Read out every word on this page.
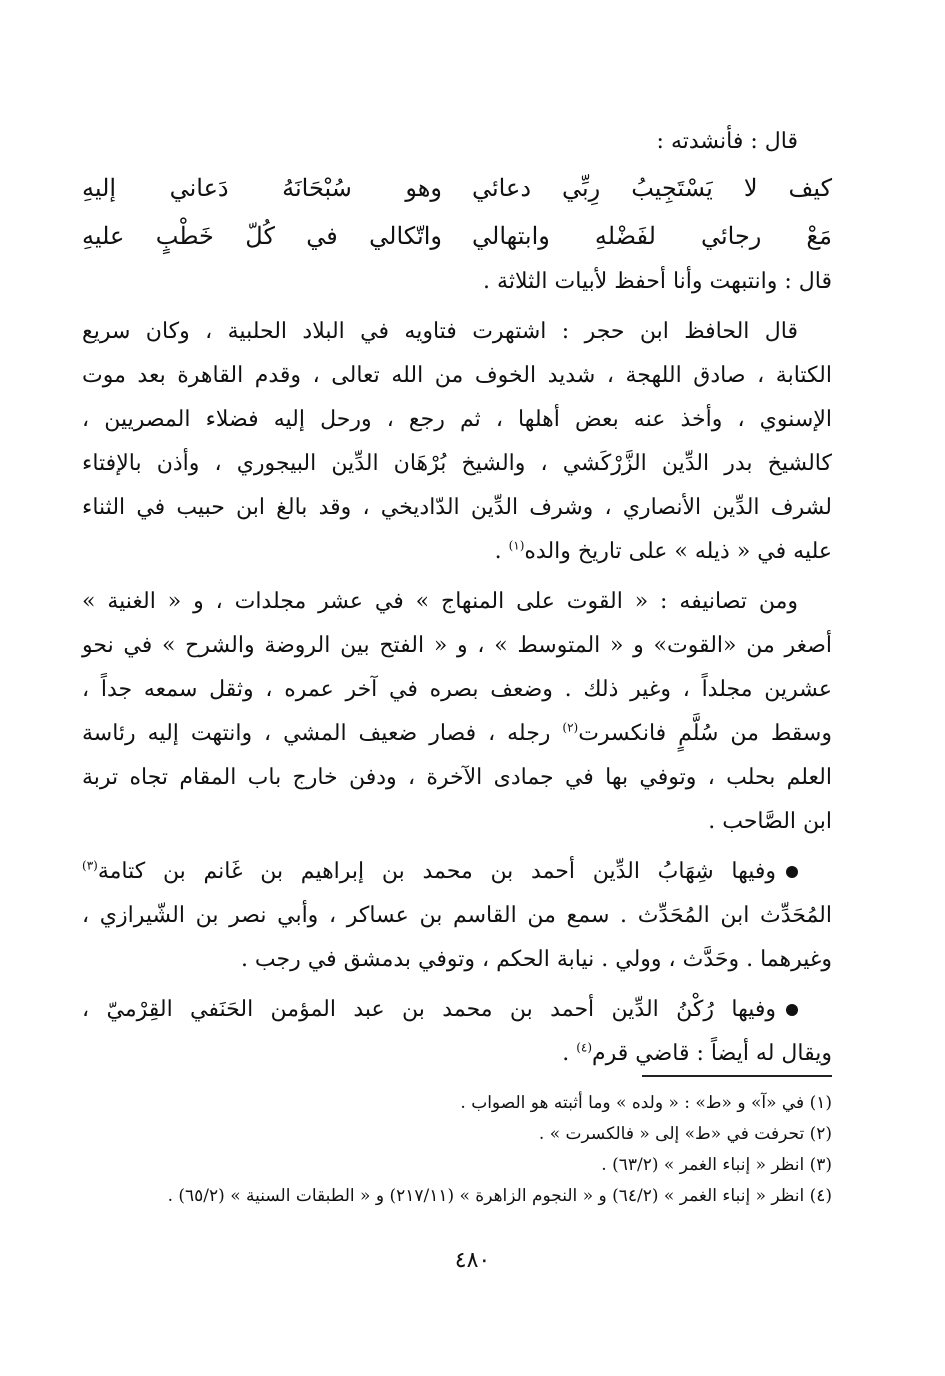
قال : فأنشدته :
كيف لا يَسْتَجِيبُ رِبِّي دعائي
وهو سُبْحَانَهُ دَعاني إليهِ
مَعْ رجائي لفَضْلهِ وابتهالي
واتّكالي في كُلّ خَطْبٍ عليهِ
قال : وانتبهت وأنا أحفظ لأبيات الثلاثة .
قال الحافظ ابن حجر : اشتهرت فتاويه في البلاد الحلبية ، وكان سريع
الكتابة ، صادق اللهجة ، شديد الخوف من الله تعالى ، وقدم القاهرة بعد موت
الإسنوي ، وأخذ عنه بعض أهلها ، ثم رجع ، ورحل إليه فضلاء المصريين ،
كالشيخ بدر الدِّين الزَّرْكَشي ، والشيخ بُرْهَان الدِّين البيجوري ، وأذن بالإفتاء
لشرف الدِّين الأنصاري ، وشرف الدِّين الدّاديخي ، وقد بالغ ابن حبيب في الثناء
عليه في « ذيله » على تاريخ والده$^{(١)}$ .
ومن تصانيفه : « القوت على المنهاج » في عشر مجلدات ، و « الغنية »
أصغر من «القوت» و « المتوسط » ، و « الفتح بين الروضة والشرح » في نحو
عشرين مجلداً ، وغير ذلك . وضعف بصره في آخر عمره ، وثقل سمعه جداً ،
وسقط من سُلَّمٍ فانكسرت$^{(٢)}$ رجله ، فصار ضعيف المشي ، وانتهت إليه رئاسة
العلم بحلب ، وتوفي بها في جمادى الآخرة ، ودفن خارج باب المقام تجاه تربة
ابن الصَّاحب .
وفيها شِهَابُ الدِّين أحمد بن محمد بن إبراهيم بن غَانم بن كتامة$^{(٣)}$
المُحَدِّث ابن المُحَدِّث . سمع من القاسم بن عساكر ، وأبي نصر بن الشّيرازي ،
وغيرهما . وحَدَّث ، وولي . نيابة الحكم ، وتوفي بدمشق في رجب .
وفيها رُكْنُ الدِّين أحمد بن محمد بن عبد المؤمن الحَنَفي القِرْميّ ،
ويقال له أيضاً : قاضي قرم$^{(٤)}$ .
(١) في «آ» و «ط» : « ولده » وما أثبته هو الصواب .
(٢) تحرفت في «ط» إلى « فالكسرت » .
(٣) انظر « إنباء الغمر » (٦٣/٢) .
(٤) انظر « إنباء الغمر » (٦٤/٢) و « النجوم الزاهرة » (٢١٧/١١) و « الطبقات السنية » (٦٥/٢) .
٤٨٠
